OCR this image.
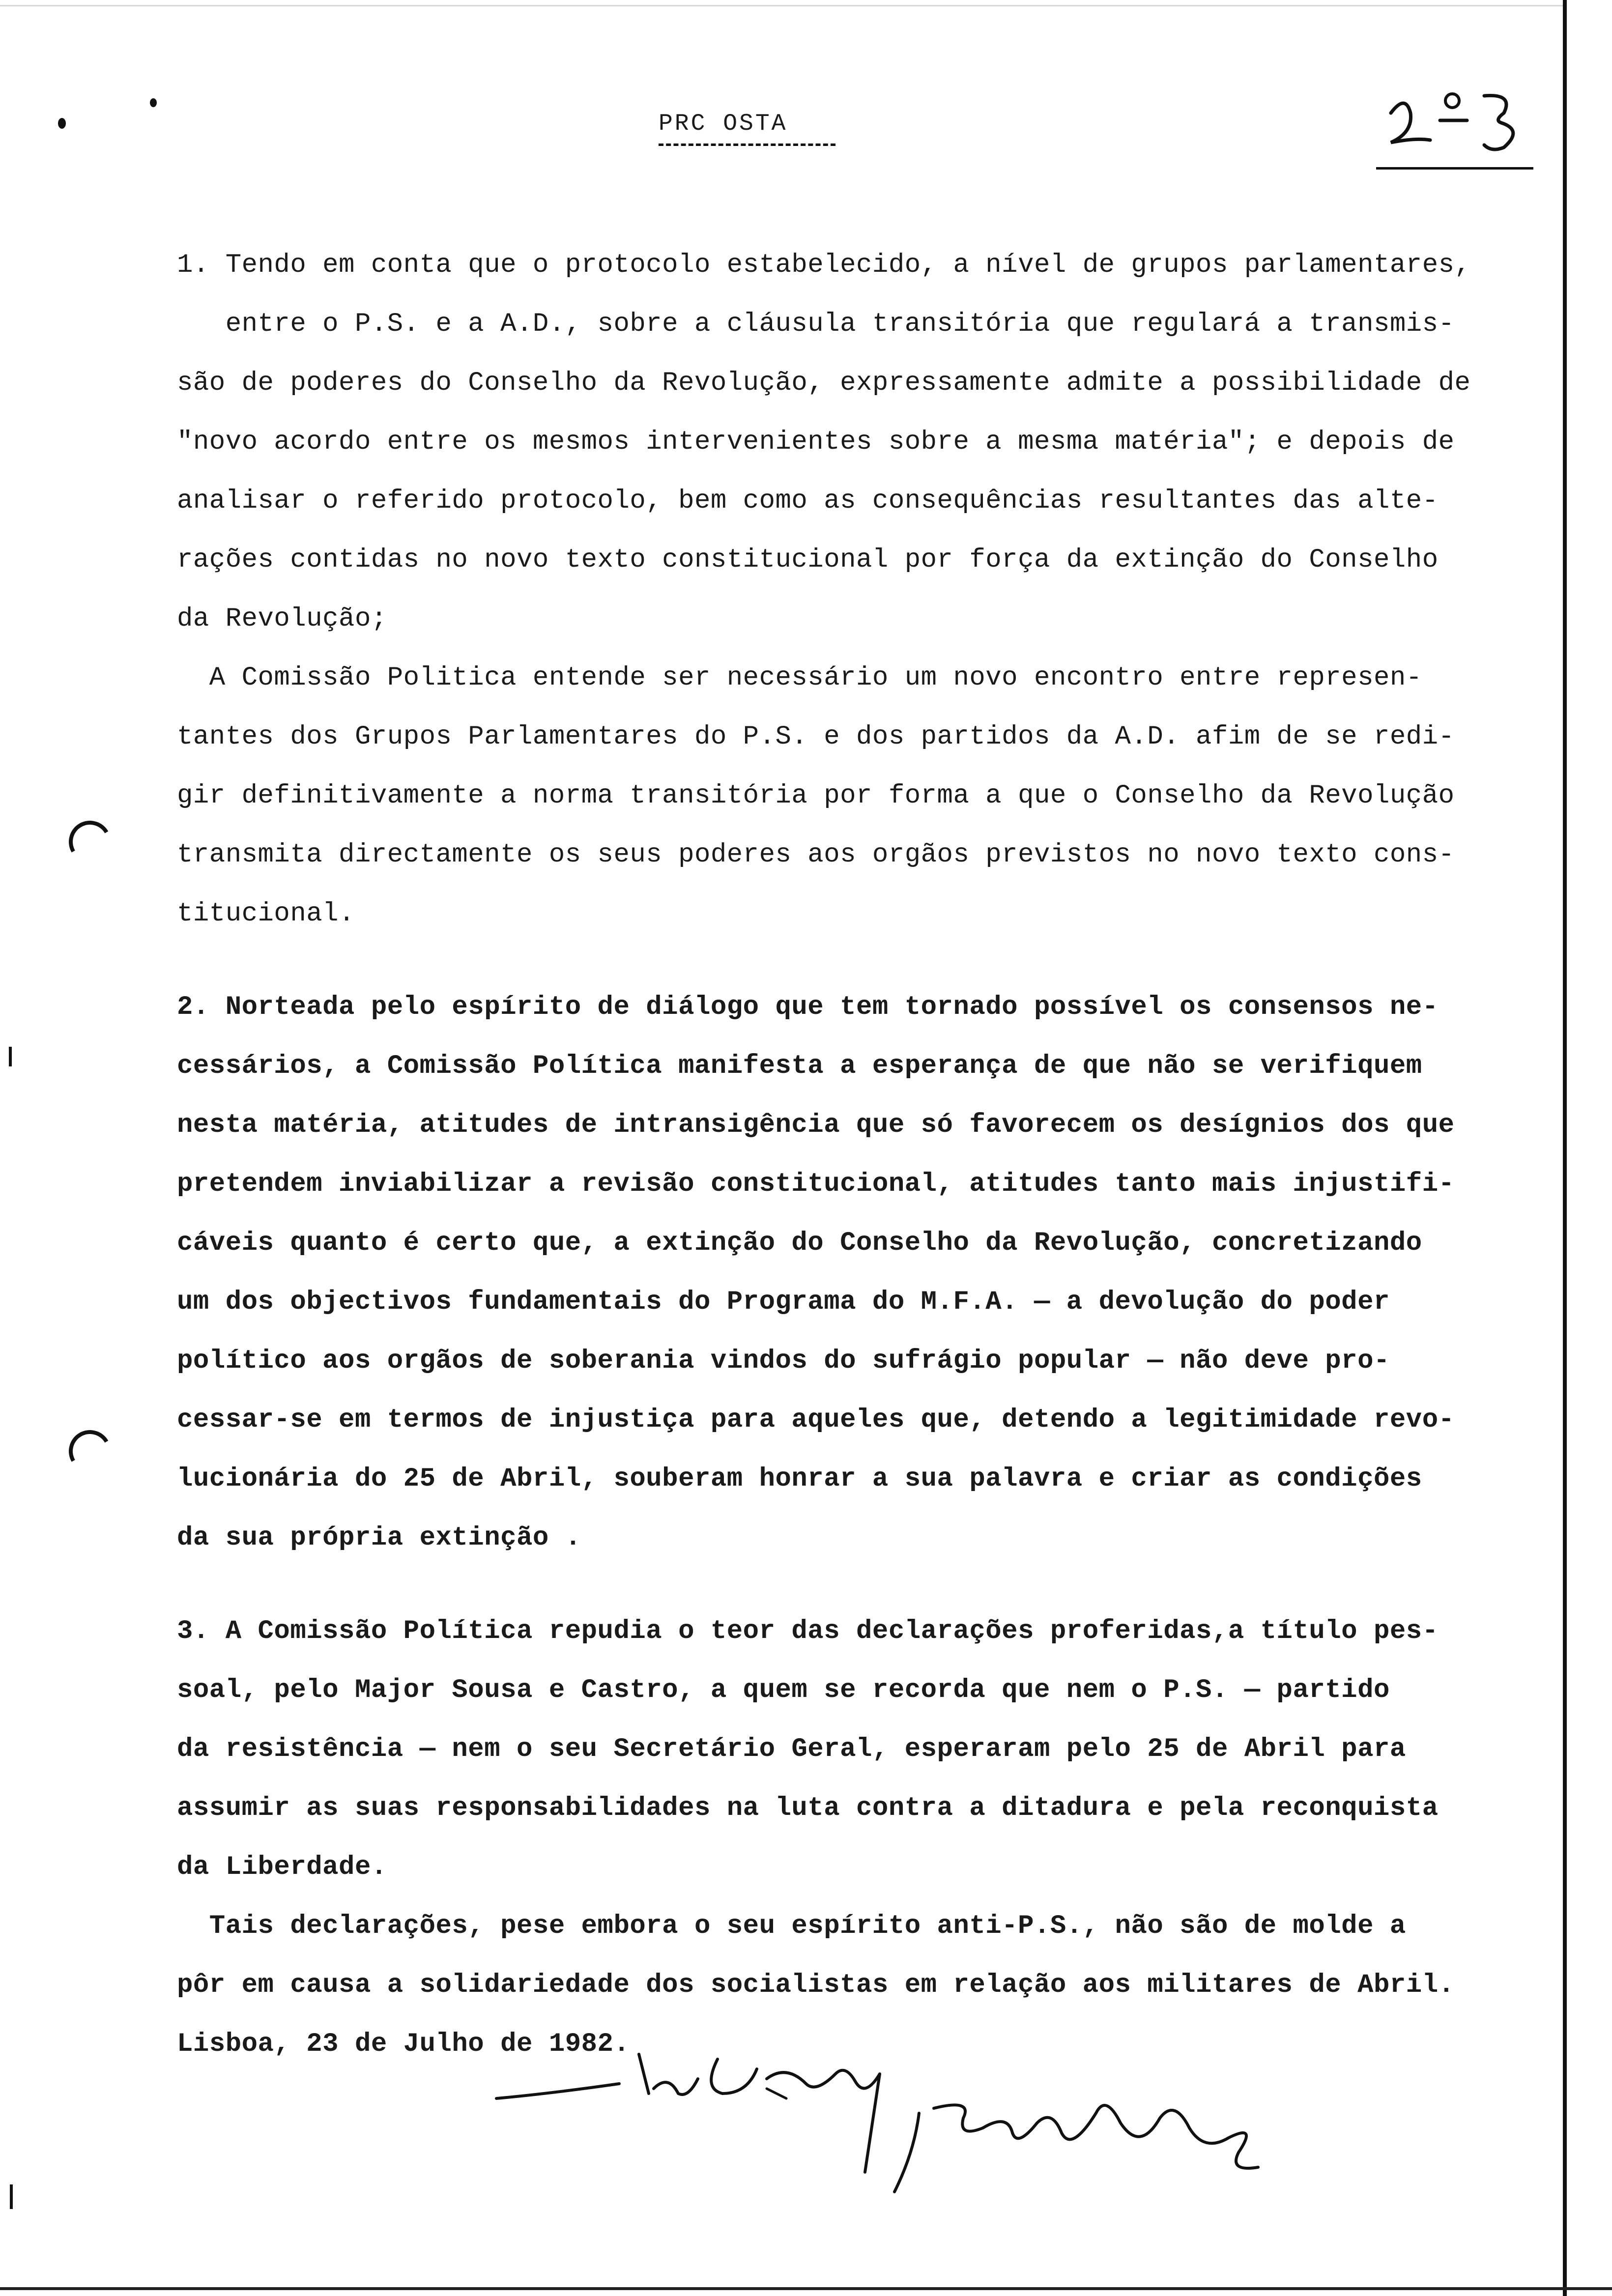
PRC OSTA
1. Tendo em conta que o protocolo estabelecido, a nível de grupos parlamentares,
entre o P.S. e a A.D., sobre a cláusula transitória que regulará a transmis-
são de poderes do Conselho da Revolução, expressamente admite a possibilidade de
"novo acordo entre os mesmos intervenientes sobre a mesma matéria"; e depois de
analisar o referido protocolo, bem como as consequências resultantes das alte-
rações contidas no novo texto constitucional por força da extinção do Conselho
da Revolução;
A Comissão Politica entende ser necessário um novo encontro entre represen-
tantes dos Grupos Parlamentares do P.S. e dos partidos da A.D. afim de se redi-
gir definitivamente a norma transitória por forma a que o Conselho da Revolução
transmita directamente os seus poderes aos orgãos previstos no novo texto cons-
titucional.
2. Norteada pelo espírito de diálogo que tem tornado possível os consensos ne-
cessários, a Comissão Política manifesta a esperança de que não se verifiquem
nesta matéria, atitudes de intransigência que só favorecem os desígnios dos que
pretendem inviabilizar a revisão constitucional, atitudes tanto mais injustifi-
cáveis quanto é certo que, a extinção do Conselho da Revolução, concretizando
um dos objectivos fundamentais do Programa do M.F.A. — a devolução do poder
político aos orgãos de soberania vindos do sufrágio popular — não deve pro-
cessar-se em termos de injustiça para aqueles que, detendo a legitimidade revo-
lucionária do 25 de Abril, souberam honrar a sua palavra e criar as condições
da sua própria extinção .
3. A Comissão Política repudia o teor das declarações proferidas,a título pes-
soal, pelo Major Sousa e Castro, a quem se recorda que nem o P.S. — partido
da resistência — nem o seu Secretário Geral, esperaram pelo 25 de Abril para
assumir as suas responsabilidades na luta contra a ditadura e pela reconquista
da Liberdade.
Tais declarações, pese embora o seu espírito anti-P.S., não são de molde a
pôr em causa a solidariedade dos socialistas em relação aos militares de Abril.
Lisboa, 23 de Julho de 1982.
